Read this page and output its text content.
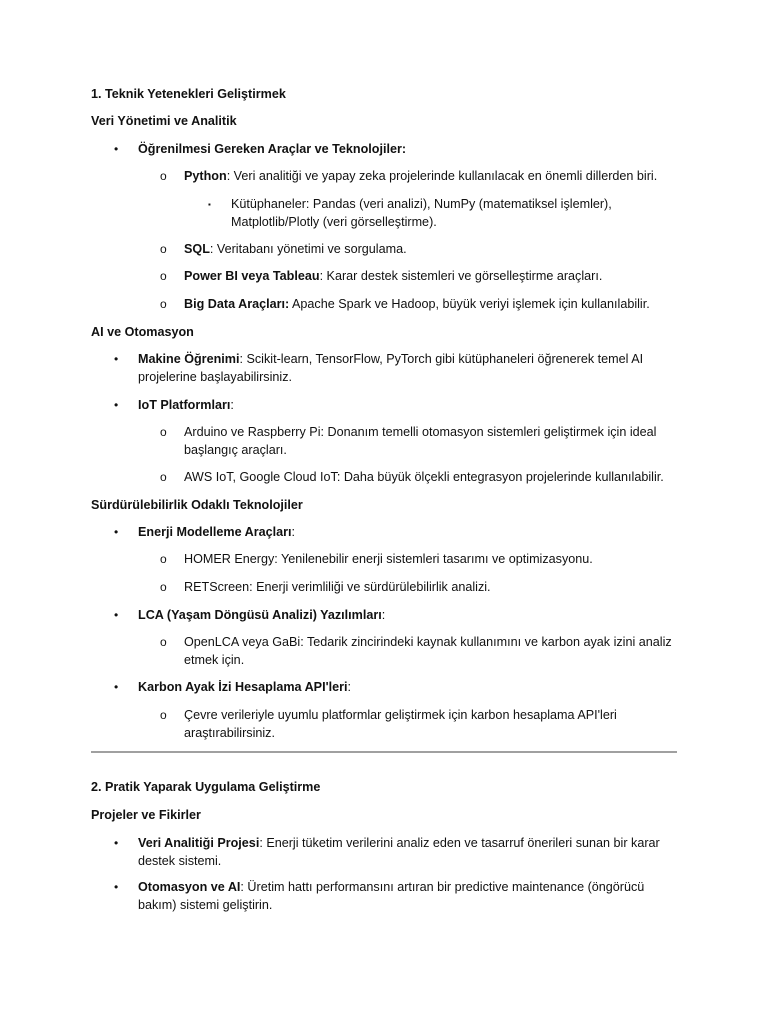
1. Teknik Yetenekleri Geliştirmek

Veri Yönetimi ve Analitik

• Öğrenilmesi Gereken Araçlar ve Teknolojiler:
o Python: Veri analitiği ve yapay zeka projelerinde kullanılacak en önemli dillerden biri.
▪ Kütüphaneler: Pandas (veri analizi), NumPy (matematiksel işlemler), Matplotlib/Plotly (veri görselleştirme).
o SQL: Veritabanı yönetimi ve sorgulama.
o Power BI veya Tableau: Karar destek sistemleri ve görselleştirme araçları.
o Big Data Araçları: Apache Spark ve Hadoop, büyük veriyi işlemek için kullanılabilir.

AI ve Otomasyon

• Makine Öğrenimi: Scikit-learn, TensorFlow, PyTorch gibi kütüphaneleri öğrenerek temel AI projelerine başlayabilirsiniz.
• IoT Platformları:
o Arduino ve Raspberry Pi: Donanım temelli otomasyon sistemleri geliştirmek için ideal başlangıç araçları.
o AWS IoT, Google Cloud IoT: Daha büyük ölçekli entegrasyon projelerinde kullanılabilir.

Sürdürülebilirlik Odaklı Teknolojiler

• Enerji Modelleme Araçları:
o HOMER Energy: Yenilenebilir enerji sistemleri tasarımı ve optimizasyonu.
o RETScreen: Enerji verimliliği ve sürdürülebilirlik analizi.
• LCA (Yaşam Döngüsü Analizi) Yazılımları:
o OpenLCA veya GaBi: Tedarik zincirindeki kaynak kullanımını ve karbon ayak izini analiz etmek için.
• Karbon Ayak İzi Hesaplama API'leri:
o Çevre verileriyle uyumlu platformlar geliştirmek için karbon hesaplama API'leri araştırabilirsiniz.

2. Pratik Yaparak Uygulama Geliştirme

Projeler ve Fikirler

• Veri Analitiği Projesi: Enerji tüketim verilerini analiz eden ve tasarruf önerileri sunan bir karar destek sistemi.
• Otomasyon ve AI: Üretim hattı performansını artıran bir predictive maintenance (öngörücü bakım) sistemi geliştirin.
